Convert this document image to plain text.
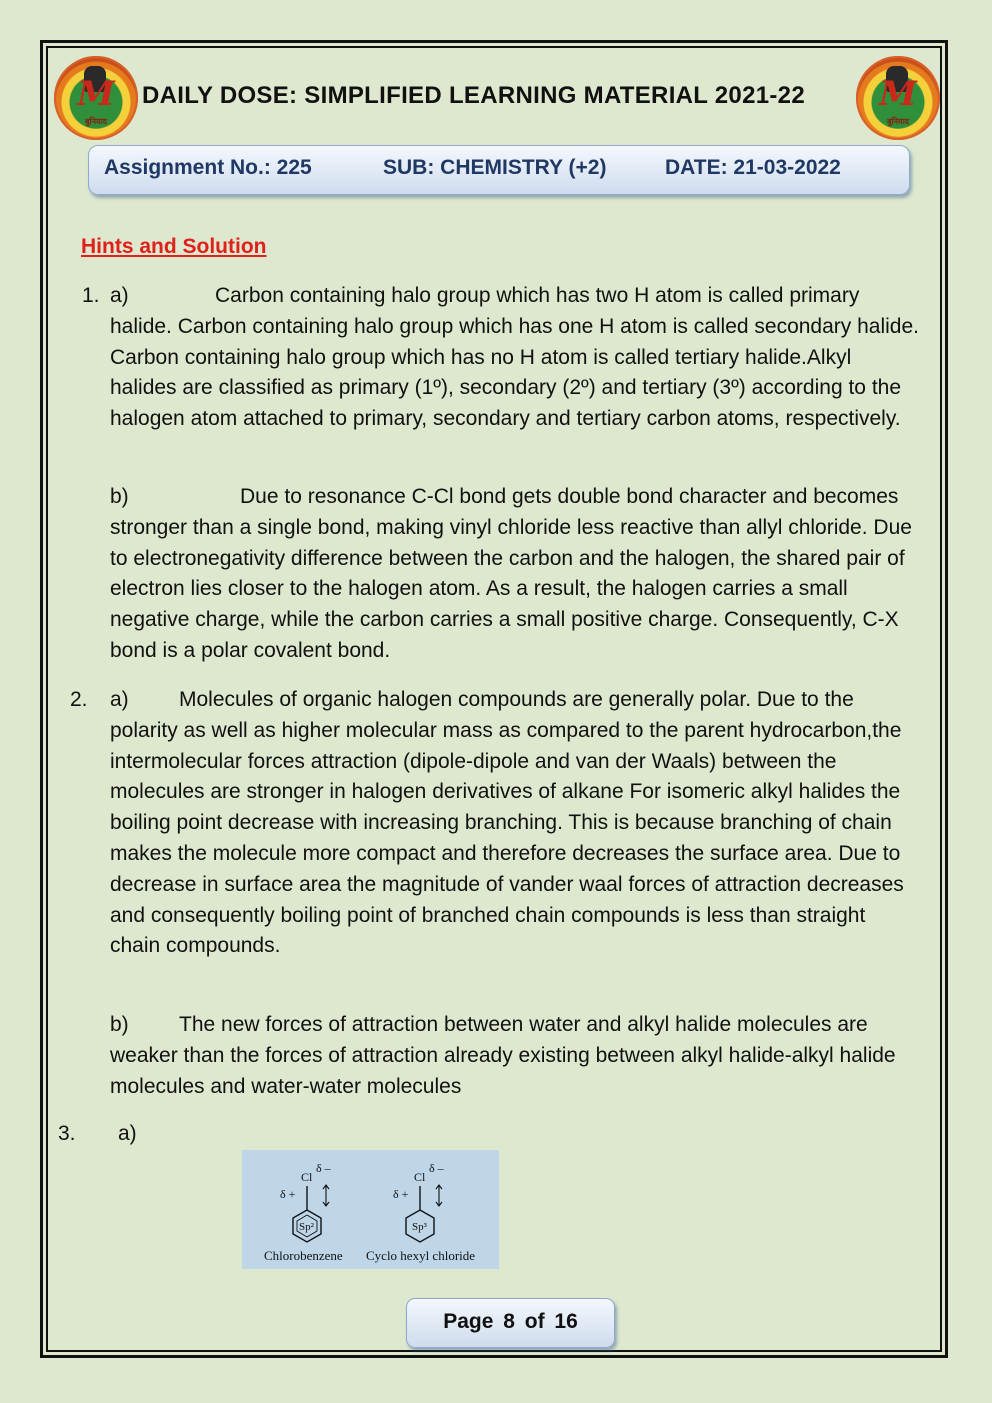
M
बुनियाद
M
बुनियाद
DAILY DOSE: SIMPLIFIED LEARNING MATERIAL 2021-22
Assignment No.: 225	SUB: CHEMISTRY (+2)	DATE: 21-03-2022
Hints and Solution
1. a)	Carbon containing halo group which has two H atom is called primary halide. Carbon containing halo group which has one H atom is called secondary halide. Carbon containing halo group which has no H atom is called tertiary halide.Alkyl halides are classified as primary (1º), secondary (2º) and tertiary (3º) according to the halogen atom attached to primary, secondary and tertiary carbon atoms, respectively.
b)	Due to resonance C-Cl bond gets double bond character and becomes stronger than a single bond, making vinyl chloride less reactive than allyl chloride. Due to electronegativity difference between the carbon and the halogen, the shared pair of electron lies closer to the halogen atom. As a result, the halogen carries a small negative charge, while the carbon carries a small positive charge. Consequently, C-X bond is a polar covalent bond.
2. a) Molecules of organic halogen compounds are generally polar. Due to the polarity as well as higher molecular mass as compared to the parent hydrocarbon,the intermolecular forces attraction (dipole-dipole and van der Waals) between the molecules are stronger in halogen derivatives of alkane For isomeric alkyl halides the boiling point decrease with increasing branching. This is because branching of chain makes the molecule more compact and therefore decreases the surface area. Due to decrease in surface area the magnitude of vander waal forces of attraction decreases and consequently boiling point of branched chain compounds is less than straight chain compounds.
b) The new forces of attraction between water and alkyl halide molecules are weaker than the forces of attraction already existing between alkyl halide-alkyl halide molecules and water-water molecules
3. a)
Cl
δ –
δ +
Sp²
Cl
δ –
δ +
Sp³
Chlorobenzene Cyclo hexyl chloride
Page 8 of 16
